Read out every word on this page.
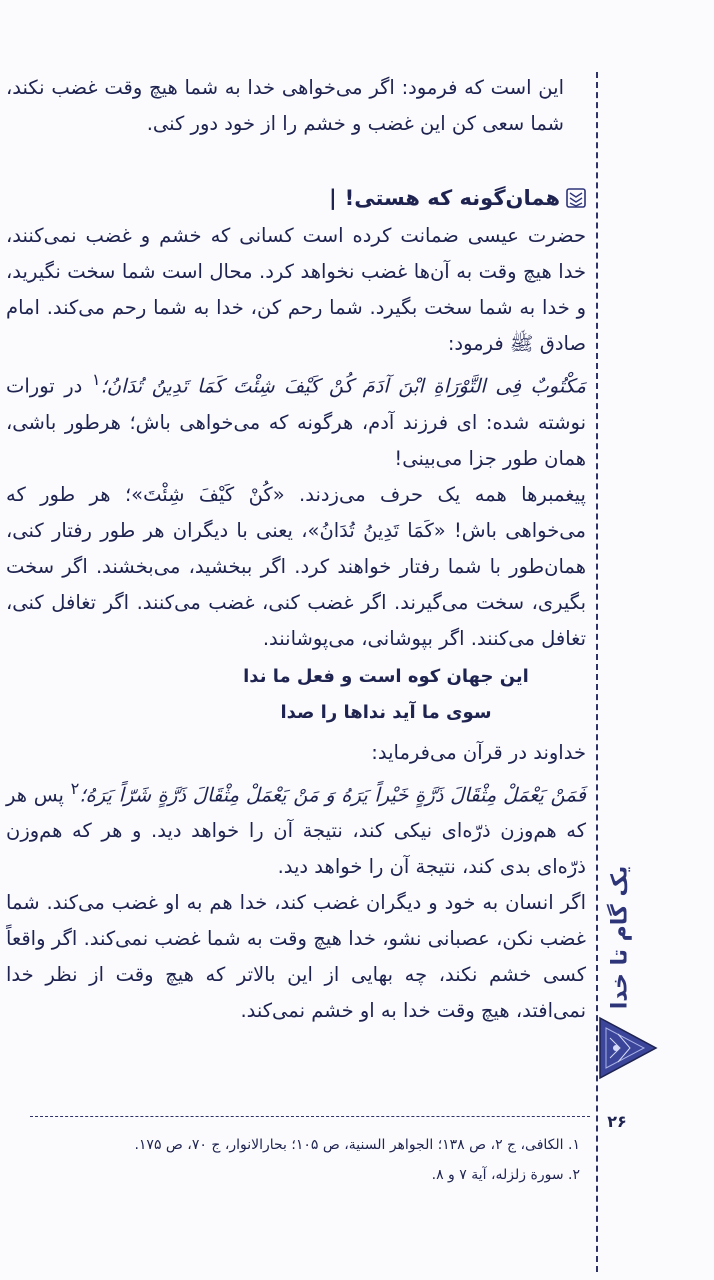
این است که فرمود: اگر می‌خواهی خدا به شما هیچ وقت غضب نکند، شما سعی کن این غضب و خشم را از خود دور کنی.

همان‌گونه که هستی!
|

حضرت عیسی ضمانت کرده است کسانی که خشم و غضب نمی‌کنند، خدا هیچ وقت به آن‌ها غضب نخواهد کرد. محال است شما سخت نگیرید، و خدا به شما سخت بگیرد. شما رحم کن، خدا به شما رحم می‌کند. امام صادق ﷺ فرمود:

مَکْتُوبٌ فِی التَّوْرَاةِ ابْنَ آدَمَ کُنْ کَیْفَ شِئْتَ کَمَا تَدِینُ تُدَانُ؛$^۱$ در تورات نوشته شده: ای فرزند آدم، هرگونه که می‌خواهی باش؛ هرطور باشی، همان طور جزا می‌بینی!

پیغمبرها همه یک حرف می‌زدند. «کُنْ کَیْفَ شِئْتَ»؛ هر طور که می‌خواهی باش! «کَمَا تَدِینُ تُدَانُ»، یعنی با دیگران هر طور رفتار کنی، همان‌طور با شما رفتار خواهند کرد. اگر ببخشید، می‌بخشند. اگر سخت بگیری، سخت می‌گیرند. اگر غضب کنی، غضب می‌کنند. اگر تغافل کنی، تغافل می‌کنند. اگر بپوشانی، می‌پوشانند.

این جهان کوه است و فعل ما ندا
سوی ما آید نداها را صدا

خداوند در قرآن می‌فرماید:

فَمَنْ یَعْمَلْ مِثْقَالَ ذَرَّةٍ خَیْراً یَرَهُ وَ مَنْ یَعْمَلْ مِثْقَالَ ذَرَّةٍ شَرّاً یَرَهُ؛$^۲$ پس هر که هم‌وزن ذرّه‌ای نیکی کند، نتیجة آن را خواهد دید. و هر که هم‌وزن ذرّه‌ای بدی کند، نتیجة آن را خواهد دید.

اگر انسان به خود و دیگران غضب کند، خدا هم به او غضب می‌کند. شما غضب نکن، عصبانی نشو، خدا هیچ وقت به شما غضب نمی‌کند. اگر واقعاً کسی خشم نکند، چه بهایی از این بالاتر که هیچ وقت از نظر خدا نمی‌افتد، هیچ وقت خدا به او خشم نمی‌کند.

یک گام تا خدا
۲۶
۱. الکافی، ج ۲، ص ۱۳۸؛ الجواهر السنیة، ص ۱۰۵؛ بحارالانوار، ج ۷۰، ص ۱۷۵.
۲. سورة زلزله، آیة ۷ و ۸.
